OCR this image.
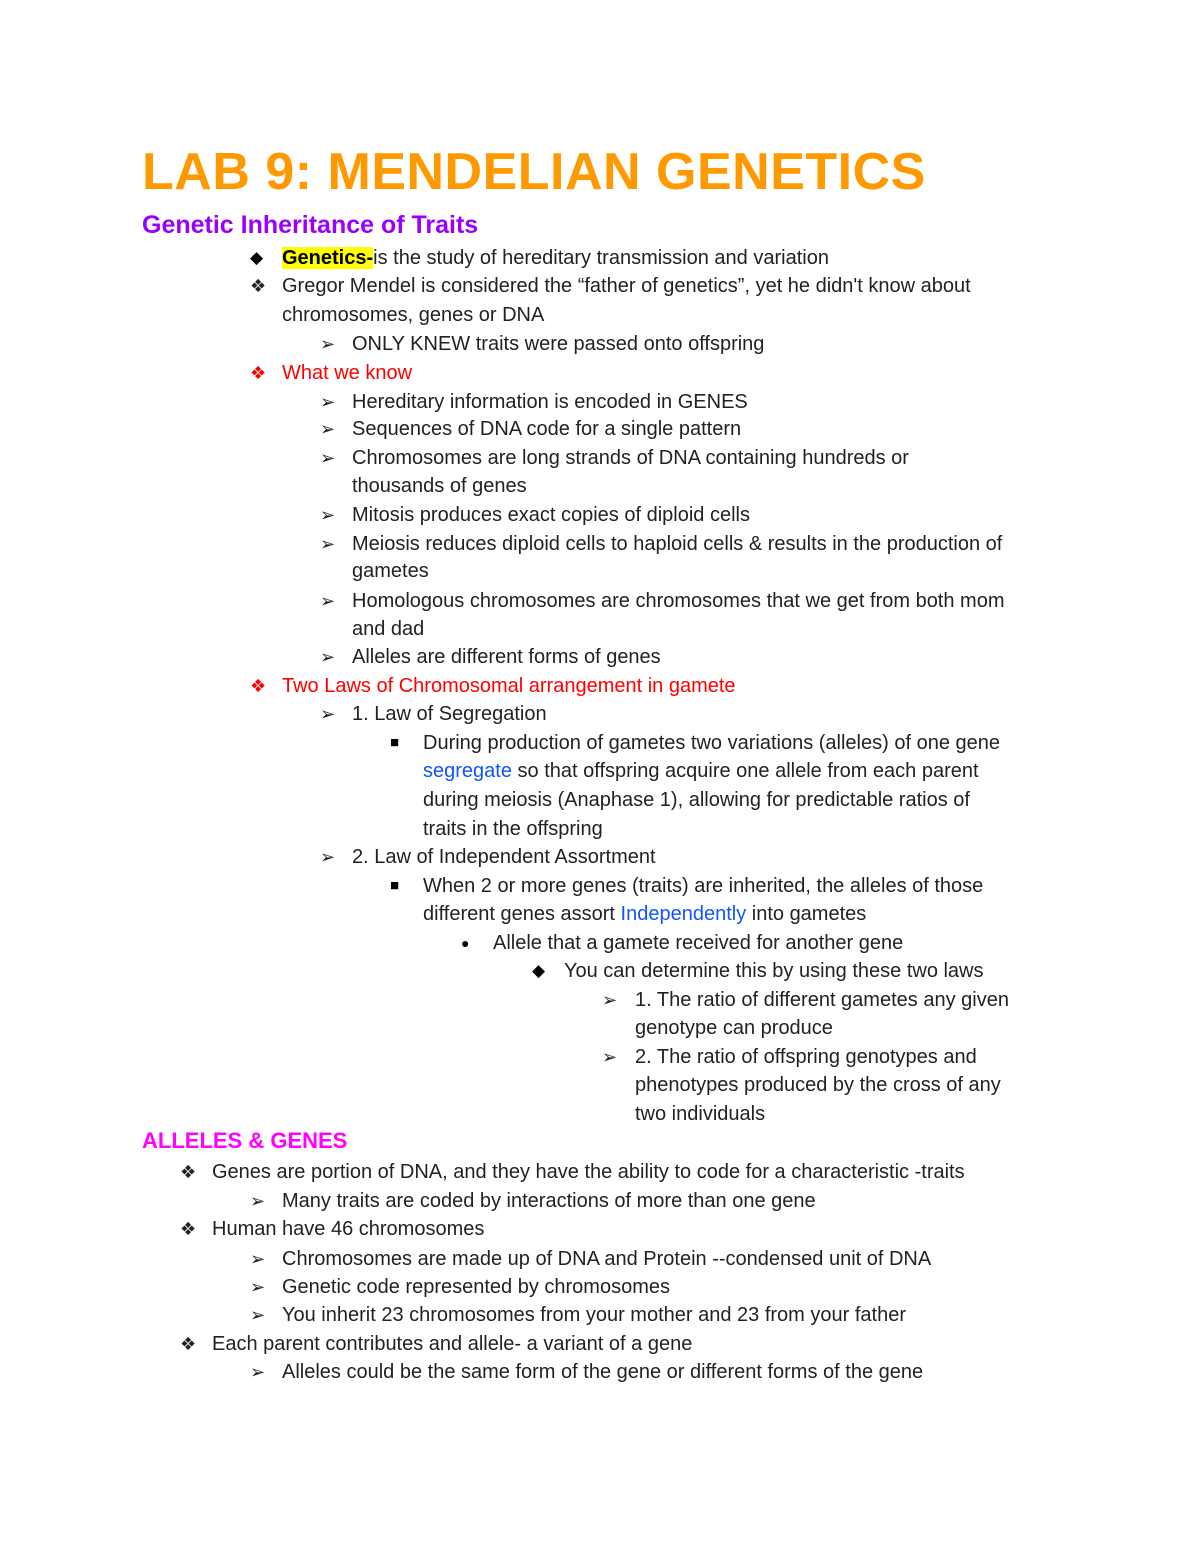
LAB 9: MENDELIAN GENETICS
Genetic Inheritance of Traits
◆ Genetics-is the study of hereditary transmission and variation
❖ Gregor Mendel is considered the “father of genetics”, yet he didn't know about
chromosomes, genes or DNA
➢ ONLY KNEW traits were passed onto offspring
❖ What we know
➢ Hereditary information is encoded in GENES
➢ Sequences of DNA code for a single pattern
➢ Chromosomes are long strands of DNA containing hundreds or
thousands of genes
➢ Mitosis produces exact copies of diploid cells
➢ Meiosis reduces diploid cells to haploid cells & results in the production of
gametes
➢ Homologous chromosomes are chromosomes that we get from both mom
and dad
➢ Alleles are different forms of genes
❖ Two Laws of Chromosomal arrangement in gamete
➢ 1. Law of Segregation
■ During production of gametes two variations (alleles) of one gene
segregate so that offspring acquire one allele from each parent
during meiosis (Anaphase 1), allowing for predictable ratios of
traits in the offspring
➢ 2. Law of Independent Assortment
■ When 2 or more genes (traits) are inherited, the alleles of those
different genes assort Independently into gametes
● Allele that a gamete received for another gene
◆ You can determine this by using these two laws
➢ 1. The ratio of different gametes any given
genotype can produce
➢ 2. The ratio of offspring genotypes and
phenotypes produced by the cross of any
two individuals
ALLELES & GENES
❖ Genes are portion of DNA, and they have the ability to code for a characteristic -traits
➢ Many traits are coded by interactions of more than one gene
❖ Human have 46 chromosomes
➢ Chromosomes are made up of DNA and Protein --condensed unit of DNA
➢ Genetic code represented by chromosomes
➢ You inherit 23 chromosomes from your mother and 23 from your father
❖ Each parent contributes and allele- a variant of a gene
➢ Alleles could be the same form of the gene or different forms of the gene
